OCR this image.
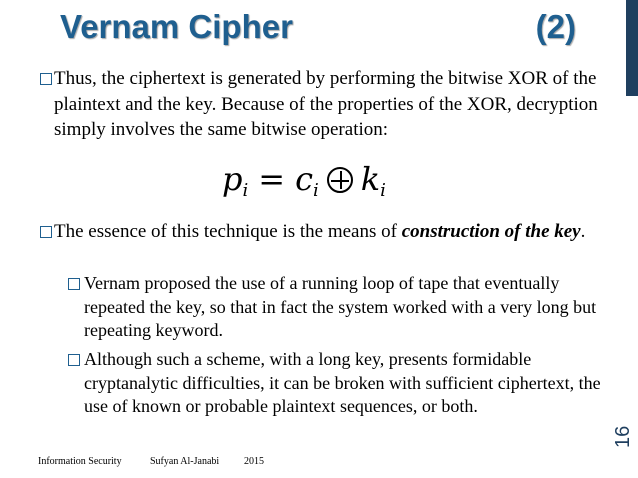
Vernam Cipher	(2)
Thus, the ciphertext is generated by performing the bitwise XOR of the plaintext and the key. Because of the properties of the XOR, decryption simply involves the same bitwise operation:
$p_i = c_i$ $k_i$
The essence of this technique is the means of construction of the key.
Vernam proposed the use of a running loop of tape that eventually repeated the key, so that in fact the system worked with a very long but repeating keyword.
Although such a scheme, with a long key, presents formidable cryptanalytic difficulties, it can be broken with sufficient ciphertext, the use of known or probable plaintext sequences, or both.
Information Security	Sufyan Al-Janabi 2015
16
